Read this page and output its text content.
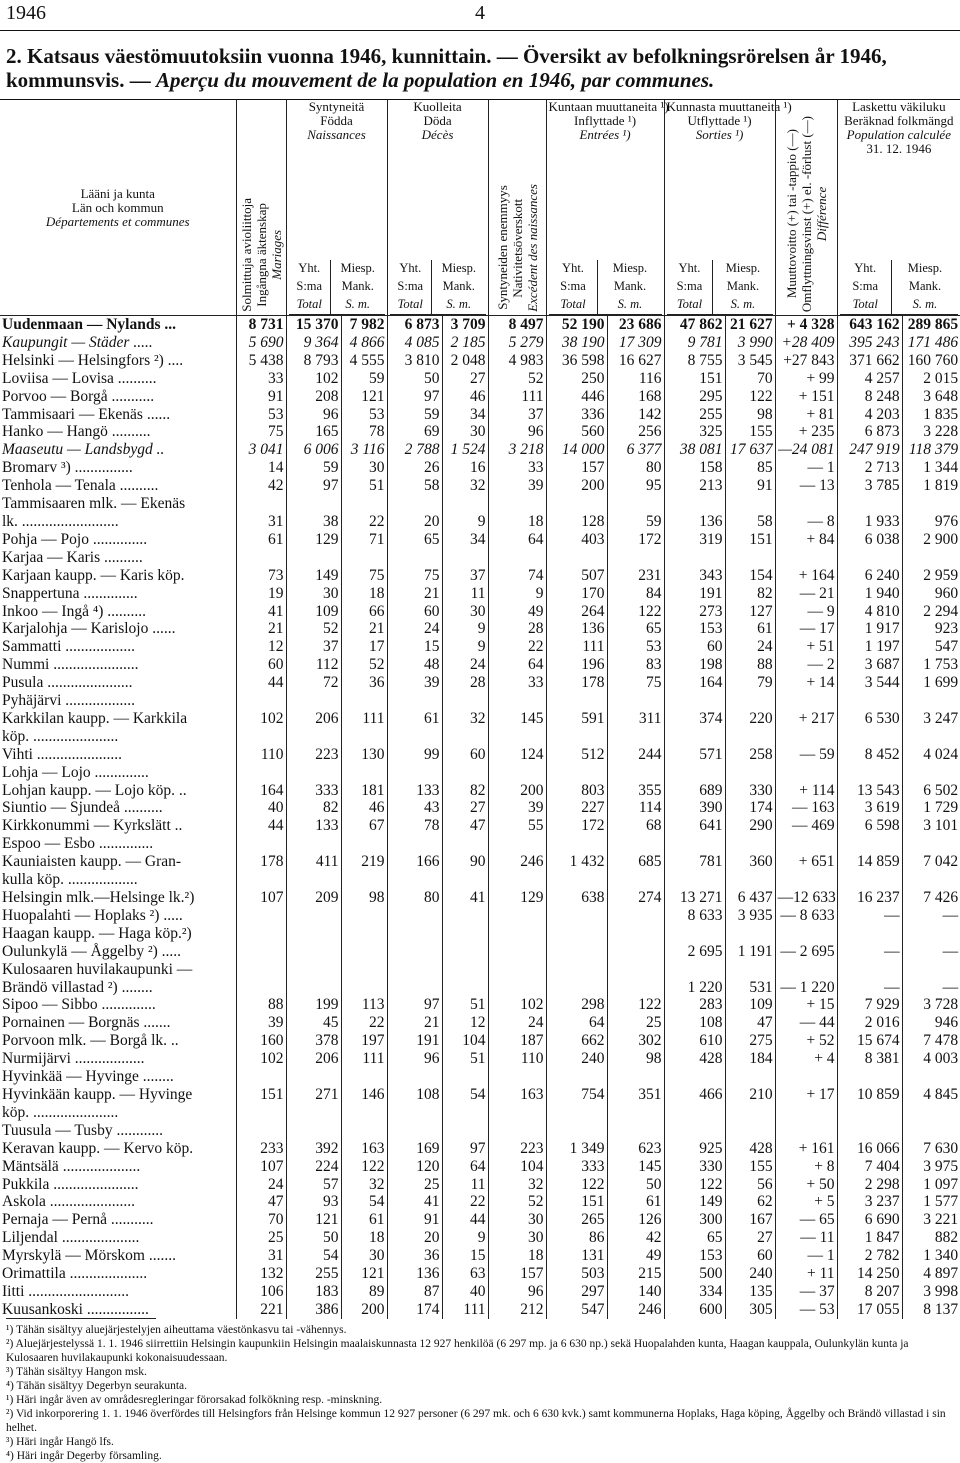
1946	4
2. Katsaus väestömuutoksiin vuonna 1946, kunnittain. — Översikt av befolkningsrörelsen år 1946,
kommunsvis. — Aperçu du mouvement de la population en 1946, par communes.
Lääni ja kunta
Län och kommun
Départements et communes	Solmittuja avioliittoja
Ingångna äktenskap
Mariages	
Syntyneitä
Födda
Naissances
Yht.
S:ma
Total	
Miesp.
Mank.
S. m.

Kuolleita
Döda
Décès
Yht.
S:ma
Total	
Miesp.
Mank.
S. m.
	Syntyneiden enemmyys
Nativitetsöverskott
Excédent des naissances	
Kuntaan muuttaneita ¹)
Inflyttade ¹)
Entrées ¹)
Yht.
S:ma
Total	
Miesp.
Mank.
S. m.

Kunnasta muuttaneita ¹)
Utflyttade ¹)
Sorties ¹)
Yht.
S:ma
Total	
Miesp.
Mank.
S. m.
	Muuttovoitto (+) tai -tappio (—)
Omflyttningsvinst (+) el. -förlust (—)
Différence	
Laskettu väkiluku
Beräknad folkmängd
Population calculée
31. 12. 1946
Yht.
S:ma
Total	
Miesp.
Mank.
S. m.

Uudenmaan — Nylands ...	8 731	15 370	7 982	6 873	3 709	8 497	52 190	23 686	47 862	21 627	+ 4 328	643 162	289 865
Kaupungit — Städer .....	5 690	9 364	4 866	4 085	2 185	5 279	38 190	17 309	9 781	3 990	+28 409	395 243	171 486
Helsinki — Helsingfors ²) ....	5 438	8 793	4 555	3 810	2 048	4 983	36 598	16 627	8 755	3 545	+27 843	371 662	160 760
Loviisa — Lovisa ..........	33	102	59	50	27	52	250	116	151	70	+ 99	4 257	2 015
Porvoo — Borgå ...........	91	208	121	97	46	111	446	168	295	122	+ 151	8 248	3 648
Tammisaari — Ekenäs ......	53	96	53	59	34	37	336	142	255	98	+ 81	4 203	1 835
Hanko — Hangö ..........	75	165	78	69	30	96	560	256	325	155	+ 235	6 873	3 228

Maaseutu — Landsbygd ..	3 041	6 006	3 116	2 788	1 524	3 218	14 000	6 377	38 081	17 637	—24 081	247 919	118 379
Bromarv ³) ...............	14	59	30	26	16	33	157	80	158	85	— 1	2 713	1 344
Tenhola — Tenala ..........	42	97	51	58	32	39	200	95	213	91	— 13	3 785	1 819
Tammisaaren mlk. — Ekenäs													
lk. .........................	31	38	22	20	9	18	128	59	136	58	— 8	1 933	976
Pohja — Pojo ..............	61	129	71	65	34	64	403	172	319	151	+ 84	6 038	2 900
Karjaa — Karis ..........													
Karjaan kaupp. — Karis köp.	73	149	75	75	37	74	507	231	343	154	+ 164	6 240	2 959
Snappertuna ..............	19	30	18	21	11	9	170	84	191	82	— 21	1 940	960
Inkoo — Ingå ⁴) ..........	41	109	66	60	30	49	264	122	273	127	— 9	4 810	2 294
Karjalohja — Karislojo ......	21	52	21	24	9	28	136	65	153	61	— 17	1 917	923
Sammatti ..................	12	37	17	15	9	22	111	53	60	24	+ 51	1 197	547
Nummi ......................	60	112	52	48	24	64	196	83	198	88	— 2	3 687	1 753
Pusula ......................	44	72	36	39	28	33	178	75	164	79	+ 14	3 544	1 699
Pyhäjärvi ..................													
Karkkilan kaupp. — Karkkila	102	206	111	61	32	145	591	311	374	220	+ 217	6 530	3 247
köp. ......................													
Vihti ......................	110	223	130	99	60	124	512	244	571	258	— 59	8 452	4 024
Lohja — Lojo ..............													
Lohjan kaupp. — Lojo köp. ..	164	333	181	133	82	200	803	355	689	330	+ 114	13 543	6 502
Siuntio — Sjundeå ..........	40	82	46	43	27	39	227	114	390	174	— 163	3 619	1 729
Kirkkonummi — Kyrkslätt ..	44	133	67	78	47	55	172	68	641	290	— 469	6 598	3 101
Espoo — Esbo ..............													
Kauniaisten kaupp. — Gran-	178	411	219	166	90	246	1 432	685	781	360	+ 651	14 859	7 042
kulla köp. ..................													
Helsingin mlk.—Helsinge lk.²)	107	209	98	80	41	129	638	274	13 271	6 437	—12 633	16 237	7 426
Huopalahti — Hoplaks ²) .....									8 633	3 935	— 8 633	—	—
Haagan kaupp. — Haga köp.²)													
Oulunkylä — Åggelby ²) .....									2 695	1 191	— 2 695	—	—
Kulosaaren huvilakaupunki —													
Brändö villastad ²) ........									1 220	531	— 1 220	—	—
Sipoo — Sibbo ..............	88	199	113	97	51	102	298	122	283	109	+ 15	7 929	3 728
Pornainen — Borgnäs .......	39	45	22	21	12	24	64	25	108	47	— 44	2 016	946
Porvoon mlk. — Borgå lk. ..	160	378	197	191	104	187	662	302	610	275	+ 52	15 674	7 478
Nurmijärvi ..................	102	206	111	96	51	110	240	98	428	184	+ 4	8 381	4 003
Hyvinkää — Hyvinge ........													
Hyvinkään kaupp. — Hyvinge	151	271	146	108	54	163	754	351	466	210	+ 17	10 859	4 845
köp. ......................													
Tuusula — Tusby ............													
Keravan kaupp. — Kervo köp.	233	392	163	169	97	223	1 349	623	925	428	+ 161	16 066	7 630
Mäntsälä ....................	107	224	122	120	64	104	333	145	330	155	+ 8	7 404	3 975
Pukkila ......................	24	57	32	25	11	32	122	50	122	56	+ 50	2 298	1 097
Askola ......................	47	93	54	41	22	52	151	61	149	62	+ 5	3 237	1 577
Pernaja — Pernå ...........	70	121	61	91	44	30	265	126	300	167	— 65	6 690	3 221
Liljendal ....................	25	50	18	20	9	30	86	42	65	27	— 11	1 847	882
Myrskylä — Mörskom .......	31	54	30	36	15	18	131	49	153	60	— 1	2 782	1 340
Orimattila ....................	132	255	121	136	63	157	503	215	500	240	+ 11	14 250	4 897
Iitti ..........................	106	183	89	87	40	96	297	140	334	135	— 37	8 207	3 998
Kuusankoski ................	221	386	200	174	111	212	547	246	600	305	— 53	17 055	8 137
¹) Tähän sisältyy aluejärjestelyjen aiheuttama väestönkasvu tai -vähennys.
²) Aluejärjestelyssä 1. 1. 1946 siirrettiin Helsingin kaupunkiin Helsingin maalaiskunnasta 12 927 henkilöä (6 297 mp. ja 6 630 np.) sekä Huopalahden kunta, Haagan kauppala, Oulunkylän kunta ja Kulosaaren huvilakaupunki kokonaisuudessaan.
³) Tähän sisältyy Hangon msk.
⁴) Tähän sisältyy Degerbyn seurakunta.
¹) Häri ingår även av områdesregleringar förorsakad folkökning resp. -minskning.
²) Vid inkorporering 1. 1. 1946 överfördes till Helsingfors från Helsinge kommun 12 927 personer (6 297 mk. och 6 630 kvk.) samt kommunerna Hoplaks, Haga köping, Åggelby och Brändö villastad i sin helhet.
³) Häri ingår Hangö lfs.
⁴) Häri ingår Degerby församling.
